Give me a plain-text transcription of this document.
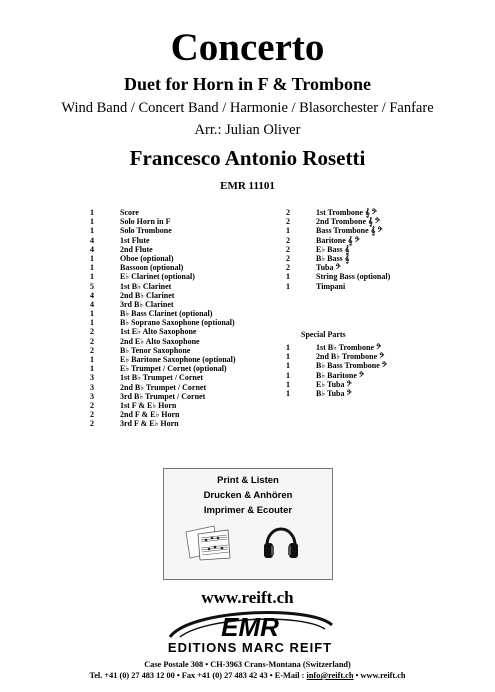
Concerto
Duet for Horn in F & Trombone
Wind Band / Concert Band / Harmonie / Blasorchester / Fanfare
Arr.: Julian Oliver
Francesco Antonio Rosetti
EMR 11101
1	Score
1	Solo Horn in F
1	Solo Trombone
4	1st Flute
4	2nd Flute
1	Oboe (optional)
1	Bassoon (optional)
1	E♭ Clarinet (optional)
5	1st B♭ Clarinet
4	2nd B♭ Clarinet
4	3rd B♭ Clarinet
1	B♭ Bass Clarinet (optional)
1	B♭ Soprano Saxophone (optional)
2	1st E♭ Alto Saxophone
2	2nd E♭ Alto Saxophone
2	B♭ Tenor Saxophone
1	E♭ Baritone Saxophone (optional)
1	E♭ Trumpet / Cornet (optional)
3	1st B♭ Trumpet / Cornet
3	2nd B♭ Trumpet / Cornet
3	3rd B♭ Trumpet / Cornet
2	1st F & E♭ Horn
2	2nd F & E♭ Horn
2	3rd F & E♭ Horn
2	1st Trombone 𝄞 𝄢
2	2nd Trombone 𝄞 𝄢
1	Bass Trombone 𝄞 𝄢
2	Baritone 𝄞 𝄢
2	E♭ Bass 𝄞
2	B♭ Bass 𝄞
2	Tuba 𝄢
1	String Bass (optional)
1	Timpani
Special Parts
1	1st B♭ Trombone 𝄢
1	2nd B♭ Trombone 𝄢
1	B♭ Bass Trombone 𝄢
1	B♭ Baritone 𝄢
1	E♭ Tuba 𝄢
1	B♭ Tuba 𝄢
Print & Listen
Drucken & Anhören
Imprimer & Ecouter
www.reift.ch
EMR
EDITIONS MARC REIFT
Case Postale 308 • CH-3963 Crans-Montana (Switzerland)
Tel. +41 (0) 27 483 12 00 • Fax +41 (0) 27 483 42 43 • E-Mail : info@reift.ch • www.reift.ch
